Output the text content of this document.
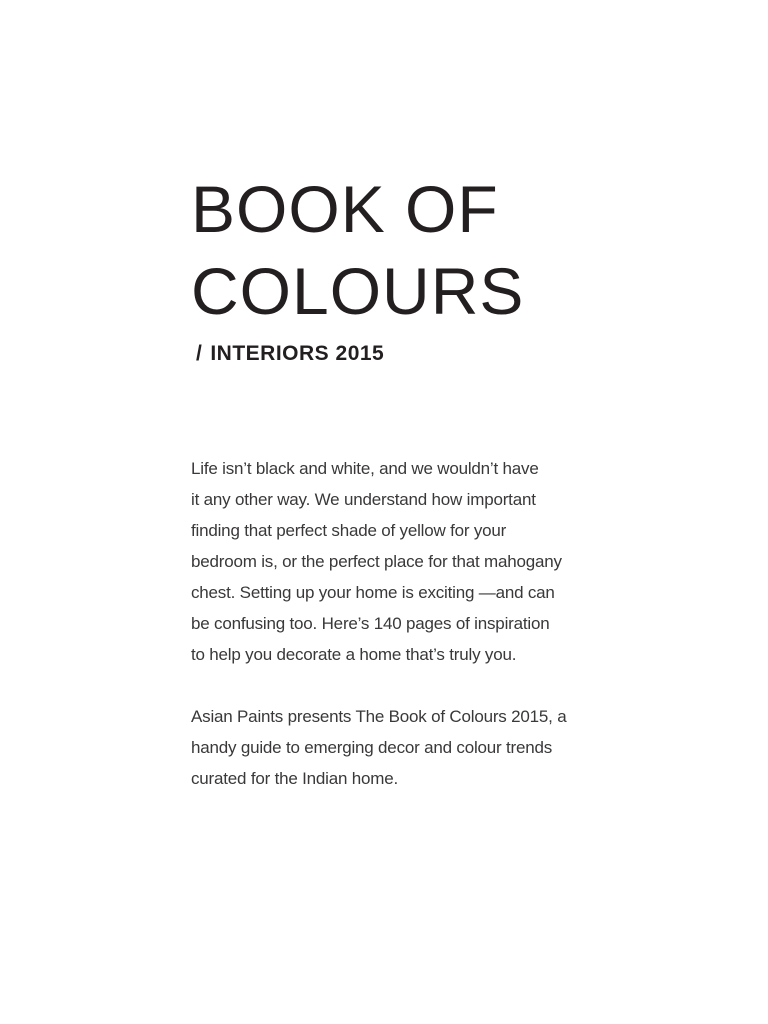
BOOK OF
COLOURS
/ INTERIORS 2015

Life isn’t black and white, and we wouldn’t have
it any other way. We understand how important
finding that perfect shade of yellow for your
bedroom is, or the perfect place for that mahogany
chest. Setting up your home is exciting —and can
be confusing too. Here’s 140 pages of inspiration
to help you decorate a home that’s truly you.

Asian Paints presents The Book of Colours 2015, a
handy guide to emerging decor and colour trends
curated for the Indian home.
